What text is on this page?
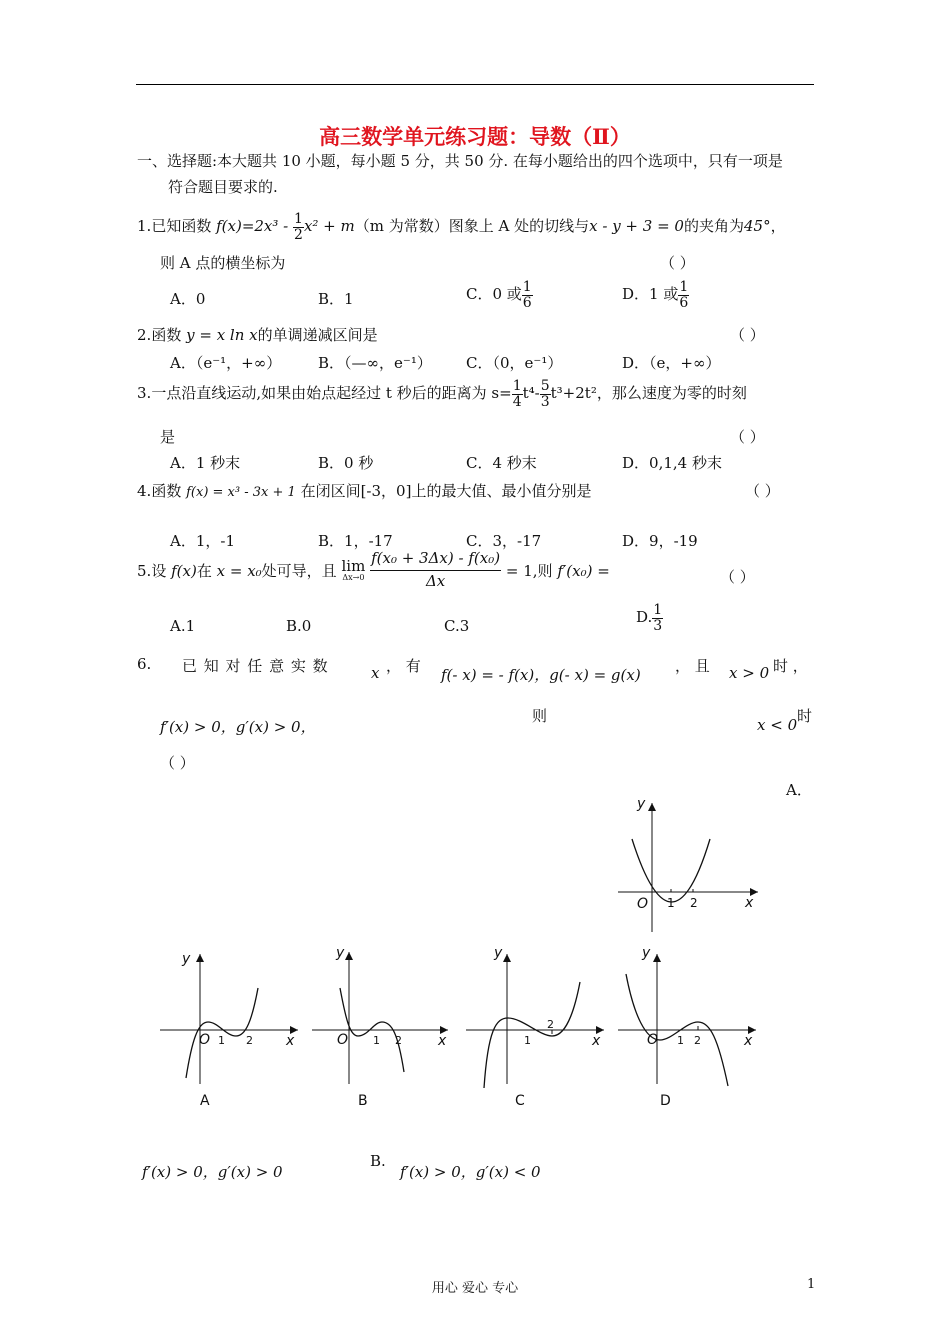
高三数学单元练习题：导数（Ⅱ）
一、选择题:本大题共 10 小题，每小题 5 分，共 50 分. 在每小题给出的四个选项中，只有一项是
符合题目要求的.
1.已知函数 $f(x)=2x^3 - \frac{1}{2} x^2 + m(m$ 为常数）图象上 A 处的切线与x - y + 3 = 0的夹角为45°，
则 A 点的横坐标为	（ ）
A．0	B．1	C．0 或 $\frac{1}{6}$	D．1 或 $\frac{1}{6}$
2.函数 y = x ln x的单调递减区间是	（ ）
A．（e⁻¹，+∞） B．（—∞，e⁻¹） C．（0，e⁻¹）	D．（e，+∞）
3.一点沿直线运动,如果由始点起经过 t 秒后的距离为 $s= \frac{1}{4} t^4- \frac{5}{3} t^3+2t^2$，那么速度为零的时刻
是	（ ）
A．1 秒末	B．0 秒	C．4 秒末	D．0,1,4 秒末
4.函数 f(x) = x³ - 3x + 1 在闭区间[-3，0]上的最大值、最小值分别是	（ ）
A．1，-1	B．1，-17	C．3，-17	D．9，-19
5.设 f(x)在 x = x₀处可导，且 lim
Δx→0
$\frac{\text{f(x₀ + 3Δx) - f(x₀)}}{\Delta x} = 1$,则 f′(x₀) =	（ ）
A.1	B.0	C.3	D. $\frac{1}{3}$
6. 已 知 对 任 意 实 数	x ， 有 f(- x) = - f(x)，g(- x) = g(x) ， 且 x > 0 时 ，
f′(x) > 0，g′(x) > 0，
则	x < 0 时
（ ）
A．
y
x
O 1 2
y
x
O 1 2
A
y
x
O 1 2
B
y
x
1
2
C
y
x
O 1 2
D
f′(x) > 0，g′(x) > 0
B.
f′(x) > 0，g′(x) < 0
用心 爱心 专心	1
